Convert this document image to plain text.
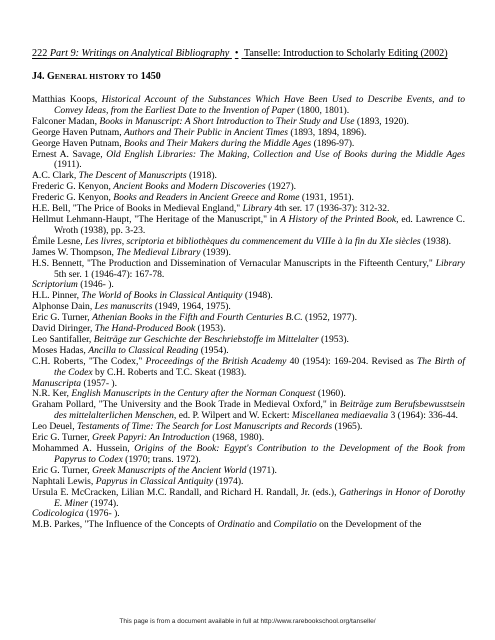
222 Part 9: Writings on Analytical Bibliography • Tanselle: Introduction to Scholarly Editing (2002)
J4. GENERAL HISTORY TO 1450

Matthias Koops, Historical Account of the Substances Which Have Been Used to Describe Events, and to Convey Ideas, from the Earliest Date to the Invention of Paper (1800, 1801).

Falconer Madan, Books in Manuscript: A Short Introduction to Their Study and Use (1893, 1920).

George Haven Putnam, Authors and Their Public in Ancient Times (1893, 1894, 1896).

George Haven Putnam, Books and Their Makers during the Middle Ages (1896-97).

Ernest A. Savage, Old English Libraries: The Making, Collection and Use of Books during the Middle Ages (1911).

A.C. Clark, The Descent of Manuscripts (1918).

Frederic G. Kenyon, Ancient Books and Modern Discoveries (1927).

Frederic G. Kenyon, Books and Readers in Ancient Greece and Rome (1931, 1951).

H.E. Bell, "The Price of Books in Medieval England," Library 4th ser. 17 (1936-37): 312-32.

Hellmut Lehmann-Haupt, "The Heritage of the Manuscript," in A History of the Printed Book, ed. Lawrence C. Wroth (1938), pp. 3-23.

Émile Lesne, Les livres, scriptoria et bibliothèques du commencement du VIIIe à la fin du XIe siècles (1938).

James W. Thompson, The Medieval Library (1939).

H.S. Bennett, "The Production and Dissemination of Vernacular Manuscripts in the Fifteenth Century," Library 5th ser. 1 (1946-47): 167-78.

Scriptorium (1946- ).

H.L. Pinner, The World of Books in Classical Antiquity (1948).

Alphonse Dain, Les manuscrits (1949, 1964, 1975).

Eric G. Turner, Athenian Books in the Fifth and Fourth Centuries B.C. (1952, 1977).

David Diringer, The Hand-Produced Book (1953).

Leo Santifaller, Beiträge zur Geschichte der Beschriebstoffe im Mittelalter (1953).

Moses Hadas, Ancilla to Classical Reading (1954).

C.H. Roberts, "The Codex," Proceedings of the British Academy 40 (1954): 169-204. Revised as The Birth of the Codex by C.H. Roberts and T.C. Skeat (1983).

Manuscripta (1957- ).

N.R. Ker, English Manuscripts in the Century after the Norman Conquest (1960).

Graham Pollard, "The University and the Book Trade in Medieval Oxford," in Beiträge zum Berufsbewusstsein des mittelalterlichen Menschen, ed. P. Wilpert and W. Eckert: Miscellanea mediaevalia 3 (1964): 336-44.

Leo Deuel, Testaments of Time: The Search for Lost Manuscripts and Records (1965).

Eric G. Turner, Greek Papyri: An Introduction (1968, 1980).

Mohammed A. Hussein, Origins of the Book: Egypt's Contribution to the Development of the Book from Papyrus to Codex (1970; trans. 1972).

Eric G. Turner, Greek Manuscripts of the Ancient World (1971).

Naphtali Lewis, Papyrus in Classical Antiquity (1974).

Ursula E. McCracken, Lilian M.C. Randall, and Richard H. Randall, Jr. (eds.), Gatherings in Honor of Dorothy E. Miner (1974).

Codicologica (1976- ).

M.B. Parkes, "The Influence of the Concepts of Ordinatio and Compilatio on the Development of the

This page is from a document available in full at http://www.rarebookschool.org/tanselle/
